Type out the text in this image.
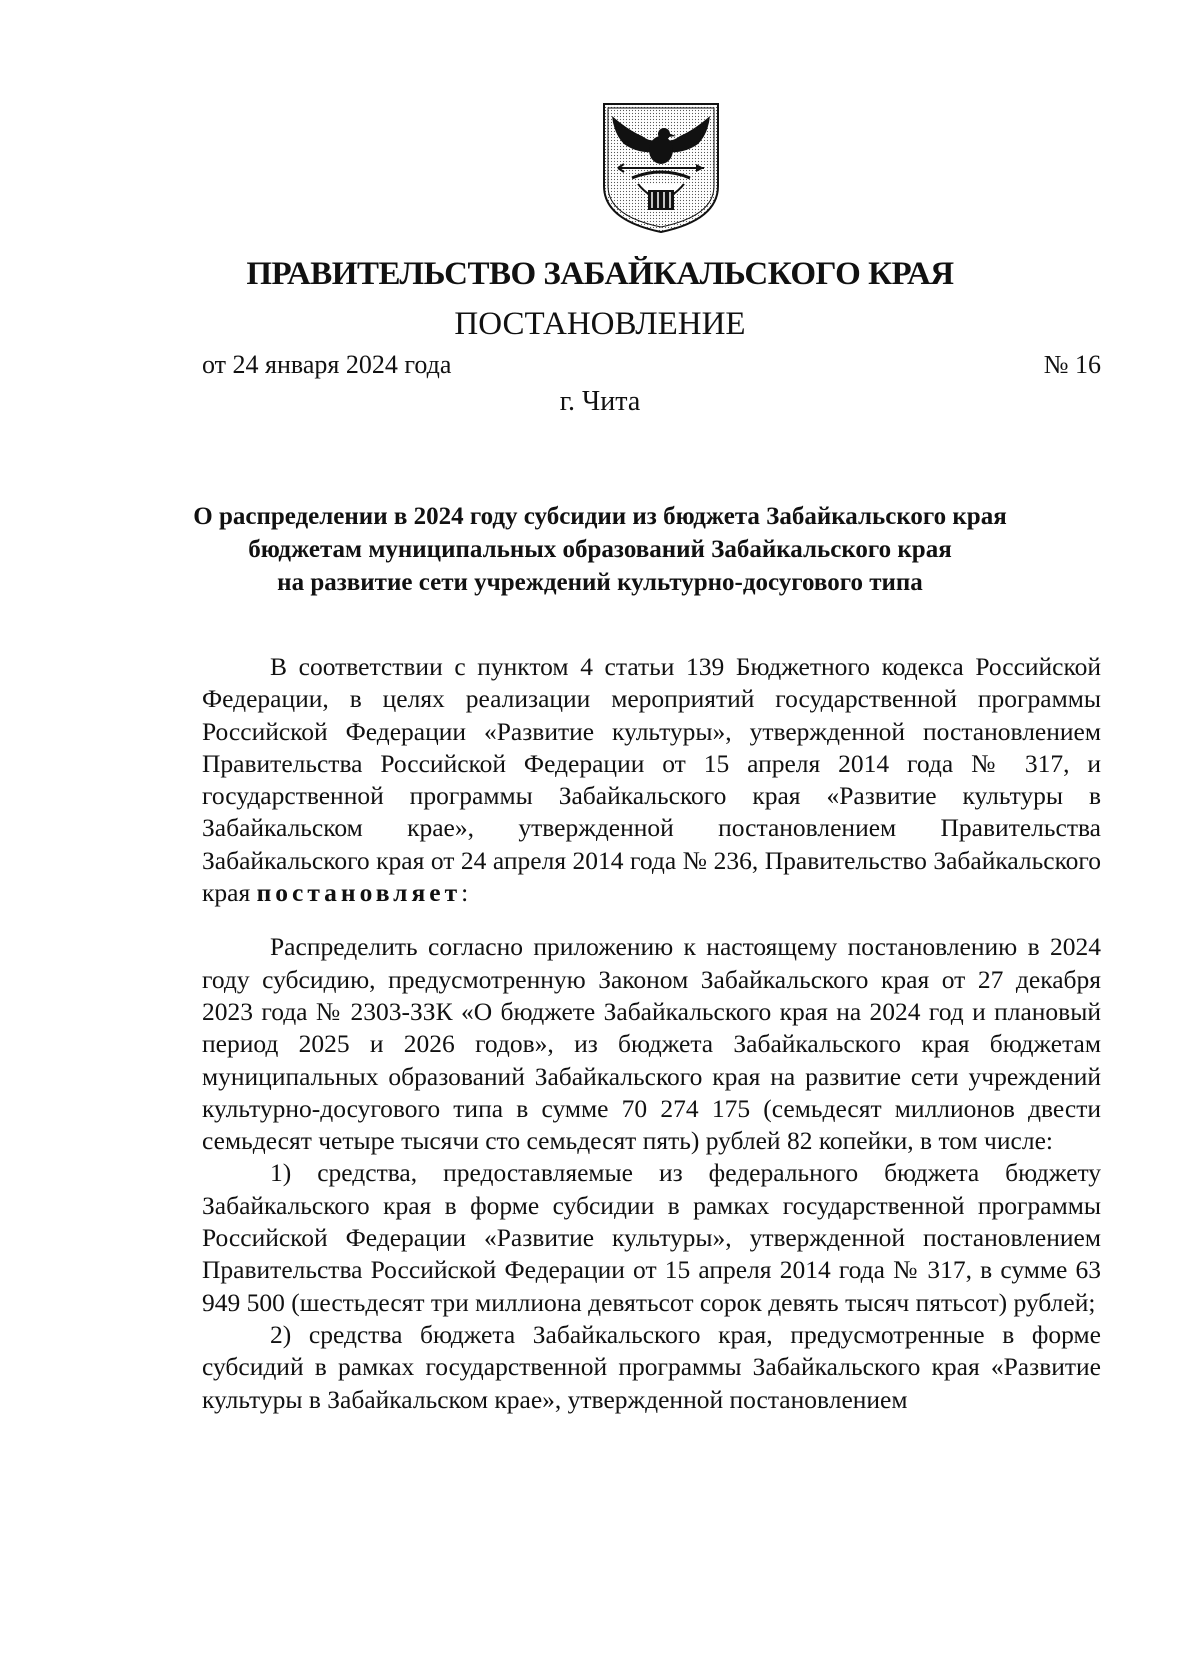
ПРАВИТЕЛЬСТВО ЗАБАЙКАЛЬСКОГО КРАЯ
ПОСТАНОВЛЕНИЕ
от 24 января 2024 года	№ 16
г. Чита
О распределении в 2024 году субсидии из бюджета Забайкальского края
бюджетам муниципальных образований Забайкальского края
на развитие сети учреждений культурно-досугового типа

В соответствии с пунктом 4 статьи 139 Бюджетного кодекса Российской Федерации, в целях реализации мероприятий государственной программы Российской Федерации «Развитие культуры», утвержденной постановлением Правительства Российской Федерации от 15 апреля 2014 года № 317, и государственной программы Забайкальского края «Развитие культуры в Забайкальском крае», утвержденной постановлением Правительства Забайкальского края от 24 апреля 2014 года № 236, Правительство Забайкальского края постановляет:

Распределить согласно приложению к настоящему постановлению в 2024 году субсидию, предусмотренную Законом Забайкальского края от 27 декабря 2023 года № 2303-ЗЗК «О бюджете Забайкальского края на 2024 год и плановый период 2025 и 2026 годов», из бюджета Забайкальского края бюджетам муниципальных образований Забайкальского края на развитие сети учреждений культурно-досугового типа в сумме 70 274 175 (семьдесят миллионов двести семьдесят четыре тысячи сто семьдесят пять) рублей 82 копейки, в том числе:

1) средства, предоставляемые из федерального бюджета бюджету Забайкальского края в форме субсидии в рамках государственной программы Российской Федерации «Развитие культуры», утвержденной постановлением Правительства Российской Федерации от 15 апреля 2014 года № 317, в сумме 63 949 500 (шестьдесят три миллиона девятьсот сорок девять тысяч пятьсот) рублей;

2) средства бюджета Забайкальского края, предусмотренные в форме субсидий в рамках государственной программы Забайкальского края «Развитие культуры в Забайкальском крае», утвержденной постановлением
